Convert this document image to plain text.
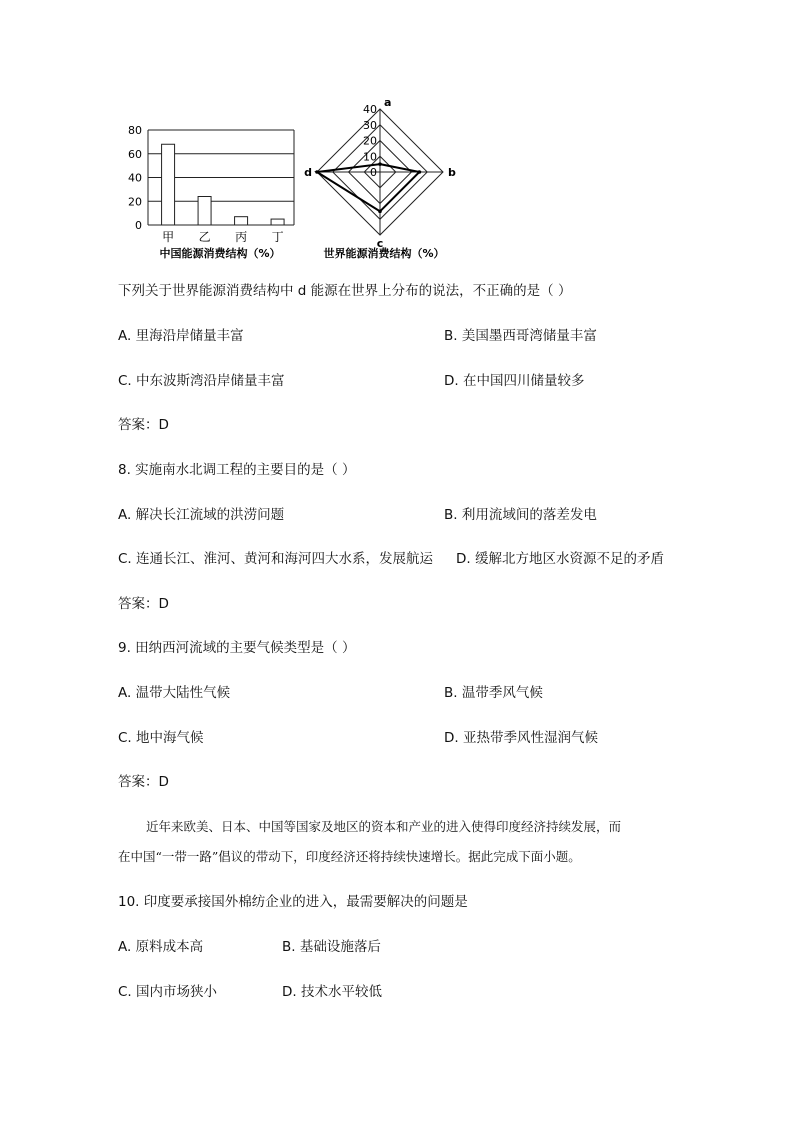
0
20
40
60
80
甲 乙 丙 丁
中国能源消费结构（%）
0
10
20
30
40
a
b
c
d
世界能源消费结构（%）
下列关于世界能源消费结构中 d 能源在世界上分布的说法，不正确的是（ ）
A. 里海沿岸储量丰富	B. 美国墨西哥湾储量丰富
C. 中东波斯湾沿岸储量丰富	D. 在中国四川储量较多
答案：D
8. 实施南水北调工程的主要目的是（ ）
A. 解决长江流域的洪涝问题	B. 利用流域间的落差发电
C. 连通长江、淮河、黄河和海河四大水系，发展航运 D. 缓解北方地区水资源不足的矛盾
答案：D
9. 田纳西河流域的主要气候类型是（ ）
A. 温带大陆性气候	B. 温带季风气候
C. 地中海气候	D. 亚热带季风性湿润气候
答案：D
近年来欧美、日本、中国等国家及地区的资本和产业的进入使得印度经济持续发展，而
在中国“一带一路”倡议的带动下，印度经济还将持续快速增长。据此完成下面小题。
10. 印度要承接国外棉纺企业的进入，最需要解决的问题是
A. 原料成本高	B. 基础设施落后
C. 国内市场狭小	D. 技术水平较低
